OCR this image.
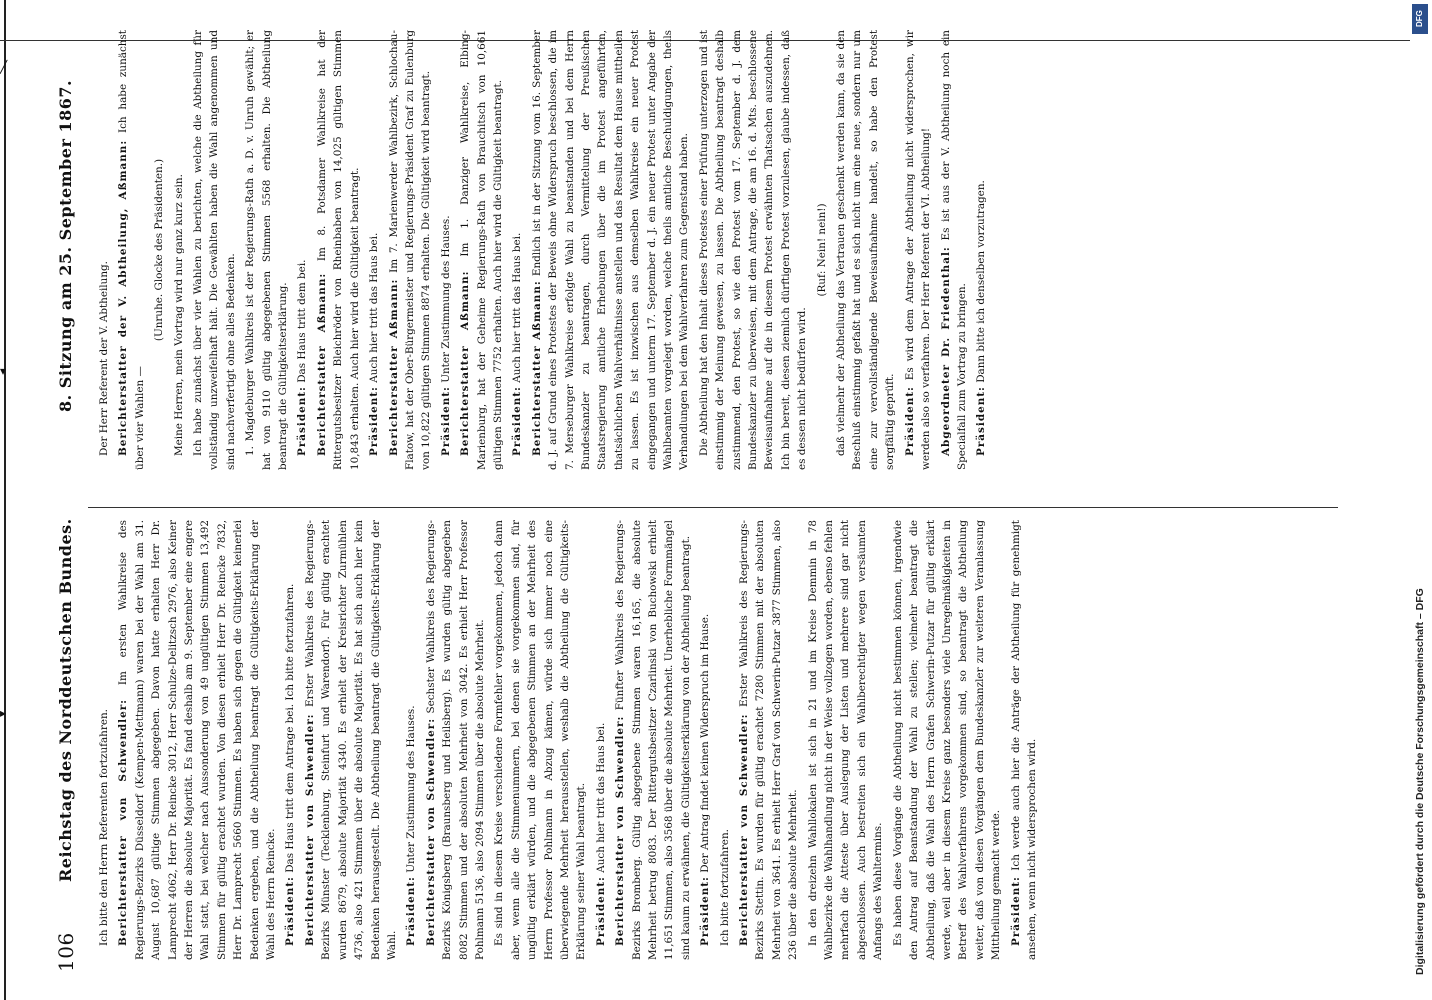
╱
▾
▸
106
Reichstag des Norddeutschen Bundes.
8. Sitzung am 25. September 1867.

Ich bitte den Herrn Referenten fortzufahren. Berichterstatter von Schwendler: Im ersten Wahlkreise des Regierungs-Bezirks Düsseldorf (Kempen-Mettmann) waren bei der Wahl am 31. August 10,687 gültige Stimmen abgegeben. Davon hatte erhalten Herr Dr. Lamprecht 4062, Herr Dr. Reincke 3012, Herr Schulze-Delitzsch 2976, also Keiner der Herren die absolute Majorität. Es fand deshalb am 9. September eine engere Wahl statt, bei welcher nach Aussonderung von 49 ungültigen Stimmen 13,492 Stimmen für gültig erachtet wurden. Von diesen erhielt Herr Dr. Reincke 7832, Herr Dr. Lamprecht 5660 Stimmen. Es haben sich gegen die Gültigkeit keinerlei Bedenken ergeben, und die Abtheilung beantragt die Gültigkeits-Erklärung der Wahl des Herrn Reincke. Präsident: Das Haus tritt dem Antrage bei. Ich bitte fortzufahren. Berichterstatter von Schwendler: Erster Wahlkreis des Regierungs-Bezirks Münster (Tecklenburg, Steinfurt und Warendorf). Für gültig erachtet wurden 8679, absolute Majorität 4340. Es erhielt der Kreisrichter Zurmühlen 4736, also 421 Stimmen über die absolute Majorität. Es hat sich auch hier kein Bedenken herausgestellt. Die Abtheilung beantragt die Gültigkeits-Erklärung der Wahl. Präsident: Unter Zustimmung des Hauses. Berichterstatter von Schwendler: Sechster Wahlkreis des Regierungs-Bezirks Königsberg (Braunsberg und Heilsberg). Es wurden gültig abgegeben 8082 Stimmen und der absoluten Mehrheit von 3042. Es erhielt Herr Professor Pohlmann 5136, also 2094 Stimmen über die absolute Mehrheit. Es sind in diesem Kreise verschiedene Formfehler vorgekommen, jedoch dann aber, wenn alle die Stimmenummern, bei denen sie vorgekommen sind, für ungültig erklärt würden, und die abgegebenen Stimmen an der Mehrheit des Herrn Professor Pohlmann in Abzug kämen, würde sich immer noch eine überwiegende Mehrheit herausstellen, weshalb die Abtheilung die Gültigkeits-Erklärung seiner Wahl beantragt. Präsident: Auch hier tritt das Haus bei. Berichterstatter von Schwendler: Fünfter Wahlkreis des Regierungs-Bezirks Bromberg. Gültig abgegebene Stimmen waren 16,165, die absolute Mehrheit betrug 8083. Der Rittergutsbesitzer Czarlinski von Buchowski erhielt 11,651 Stimmen, also 3568 über die absolute Mehrheit. Unerhebliche Formmängel sind kaum zu erwähnen, die Gültigkeitserklärung von der Abtheilung beantragt. Präsident: Der Antrag findet keinen Widerspruch im Hause.

Ich bitte fortzufahren. Berichterstatter von Schwendler: Erster Wahlkreis des Regierungs-Bezirks Stettin. Es wurden für gültig erachtet 7280 Stimmen mit der absoluten Mehrheit von 3641. Es erhielt Herr Graf von Schwerin-Putzar 3877 Stimmen, also 236 über die absolute Mehrheit. In den dreizehn Wahllokalen ist sich in 21 und im Kreise Demmin in 78 Wahlbezirke die Wahlhandlung nicht in der Weise vollzogen worden, ebenso fehlen mehrfach die Atteste über Auslegung der Listen und mehrere sind gar nicht abgeschlossen. Auch bestreiten sich ein Wahlberechtigter wegen versäumten Anfangs des Wahltermins. Es haben diese Vorgänge die Abtheilung nicht bestimmen können, irgendwie den Antrag auf Beanstandung der Wahl zu stellen; vielmehr beantragt die Abtheilung, daß die Wahl des Herrn Grafen Schwerin-Putzar für gültig erklärt werde, weil aber in diesem Kreise ganz besonders viele Unregelmäßigkeiten in Betreff des Wahlverfahrens vorgekommen sind, so beantragt die Abtheilung weiter, daß von diesen Vorgängen dem Bundeskanzler zur weiteren Veranlassung Mittheilung gemacht werde. Präsident: Ich werde auch hier die Anträge der Abtheilung für genehmigt ansehen, wenn nicht widersprochen wird.

Der Herr Referent der V. Abtheilung. Berichterstatter der V. Abtheilung, Aßmann: Ich habe zunächst über vier Wahlen —

(Unruhe. Glocke des Präsidenten.) Meine Herren, mein Vortrag wird nur ganz kurz sein. Ich habe zunächst über vier Wahlen zu berichten, welche die Abtheilung für vollständig unzweifelhaft hält. Die Gewählten haben die Wahl angenommen und sind nachverfertigt ohne alles Bedenken. 1. Magdeburger Wahlkreis ist der Regierungs-Rath a. D. v. Unruh gewählt; er hat von 9110 gültig abgegebenen Stimmen 5568 erhalten. Die Abtheilung beantragt die Gültigkeitserklärung. Präsident: Das Haus tritt dem bei. Berichterstatter Aßmann: Im 8. Potsdamer Wahlkreise hat der Rittergutsbesitzer Bleichröder von Rheinbaben von 14,025 gültigen Stimmen 10,843 erhalten. Auch hier wird die Gültigkeit beantragt. Präsident: Auch hier tritt das Haus bei. Berichterstatter Aßmann: Im 7. Marienwerder Wahlbezirk, Schlochau-Flatow, hat der Ober-Bürgermeister und Regierungs-Präsident Graf zu Eulenburg von 10,822 gültigen Stimmen 8874 erhalten. Die Gültigkeit wird beantragt. Präsident: Unter Zustimmung des Hauses. Berichterstatter Aßmann: Im 1. Danziger Wahlkreise, Elbing-Marienburg, hat der Geheime Regierungs-Rath von Brauchitsch von 10,661 gültigen Stimmen 7752 erhalten. Auch hier wird die Gültigkeit beantragt. Präsident: Auch hier tritt das Haus bei. Berichterstatter Aßmann: Endlich ist in der Sitzung vom 16. September d. J. auf Grund eines Protestes der Beweis ohne Widerspruch beschlossen, die im 7. Merseburger Wahlkreise erfolgte Wahl zu beanstanden und bei dem Herrn Bundeskanzler zu beantragen, durch Vermittelung der Preußischen Staatsregierung amtliche Erhebungen über die im Protest angeführten, thatsächlichen Wahlverhältnisse anstellen und das Resultat dem Hause mittheilen zu lassen. Es ist inzwischen aus demselben Wahlkreise ein neuer Protest eingegangen und unterm 17. September d. J. ein neuer Protest unter Angabe der Wahlbeamten vorgelegt worden, welche theils amtliche Beschuldigungen, theils Verhandlungen bei dem Wahlverfahren zum Gegenstand haben. Die Abtheilung hat den Inhalt dieses Protestes einer Prüfung unterzogen und ist einstimmig der Meinung gewesen, zu lassen. Die Abtheilung beantragt deshalb zustimmend, den Protest, so wie den Protest vom 17. September d. J. dem Bundeskanzler zu überweisen, mit dem Antrage, die am 16. d. Mts. beschlossene Beweisaufnahme auf die in diesem Protest erwähnten Thatsachen auszudehnen. Ich bin bereit, diesen ziemlich dürftigen Protest vorzulesen, glaube indessen, daß es dessen nicht bedürfen wird.

(Ruf: Nein! nein!) daß vielmehr der Abtheilung das Vertrauen geschenkt werden kann, da sie den Beschluß einstimmig gefaßt hat und es sich nicht um eine neue, sondern nur um eine zur vervollständigende Beweisaufnahme handelt, so habe den Protest sorgfältig geprüft. Präsident: Es wird dem Antrage der Abtheilung nicht widersprochen, wir werden also so verfahren. Der Herr Referent der VI. Abtheilung! Abgeordneter Dr. Friedenthal: Es ist aus der V. Abtheilung noch ein Specialfall zum Vortrag zu bringen. Präsident: Dann bitte ich denselben vorzutragen.

Digitalisierung gefördert durch die Deutsche Forschungsgemeinschaft – DFG
DFG
